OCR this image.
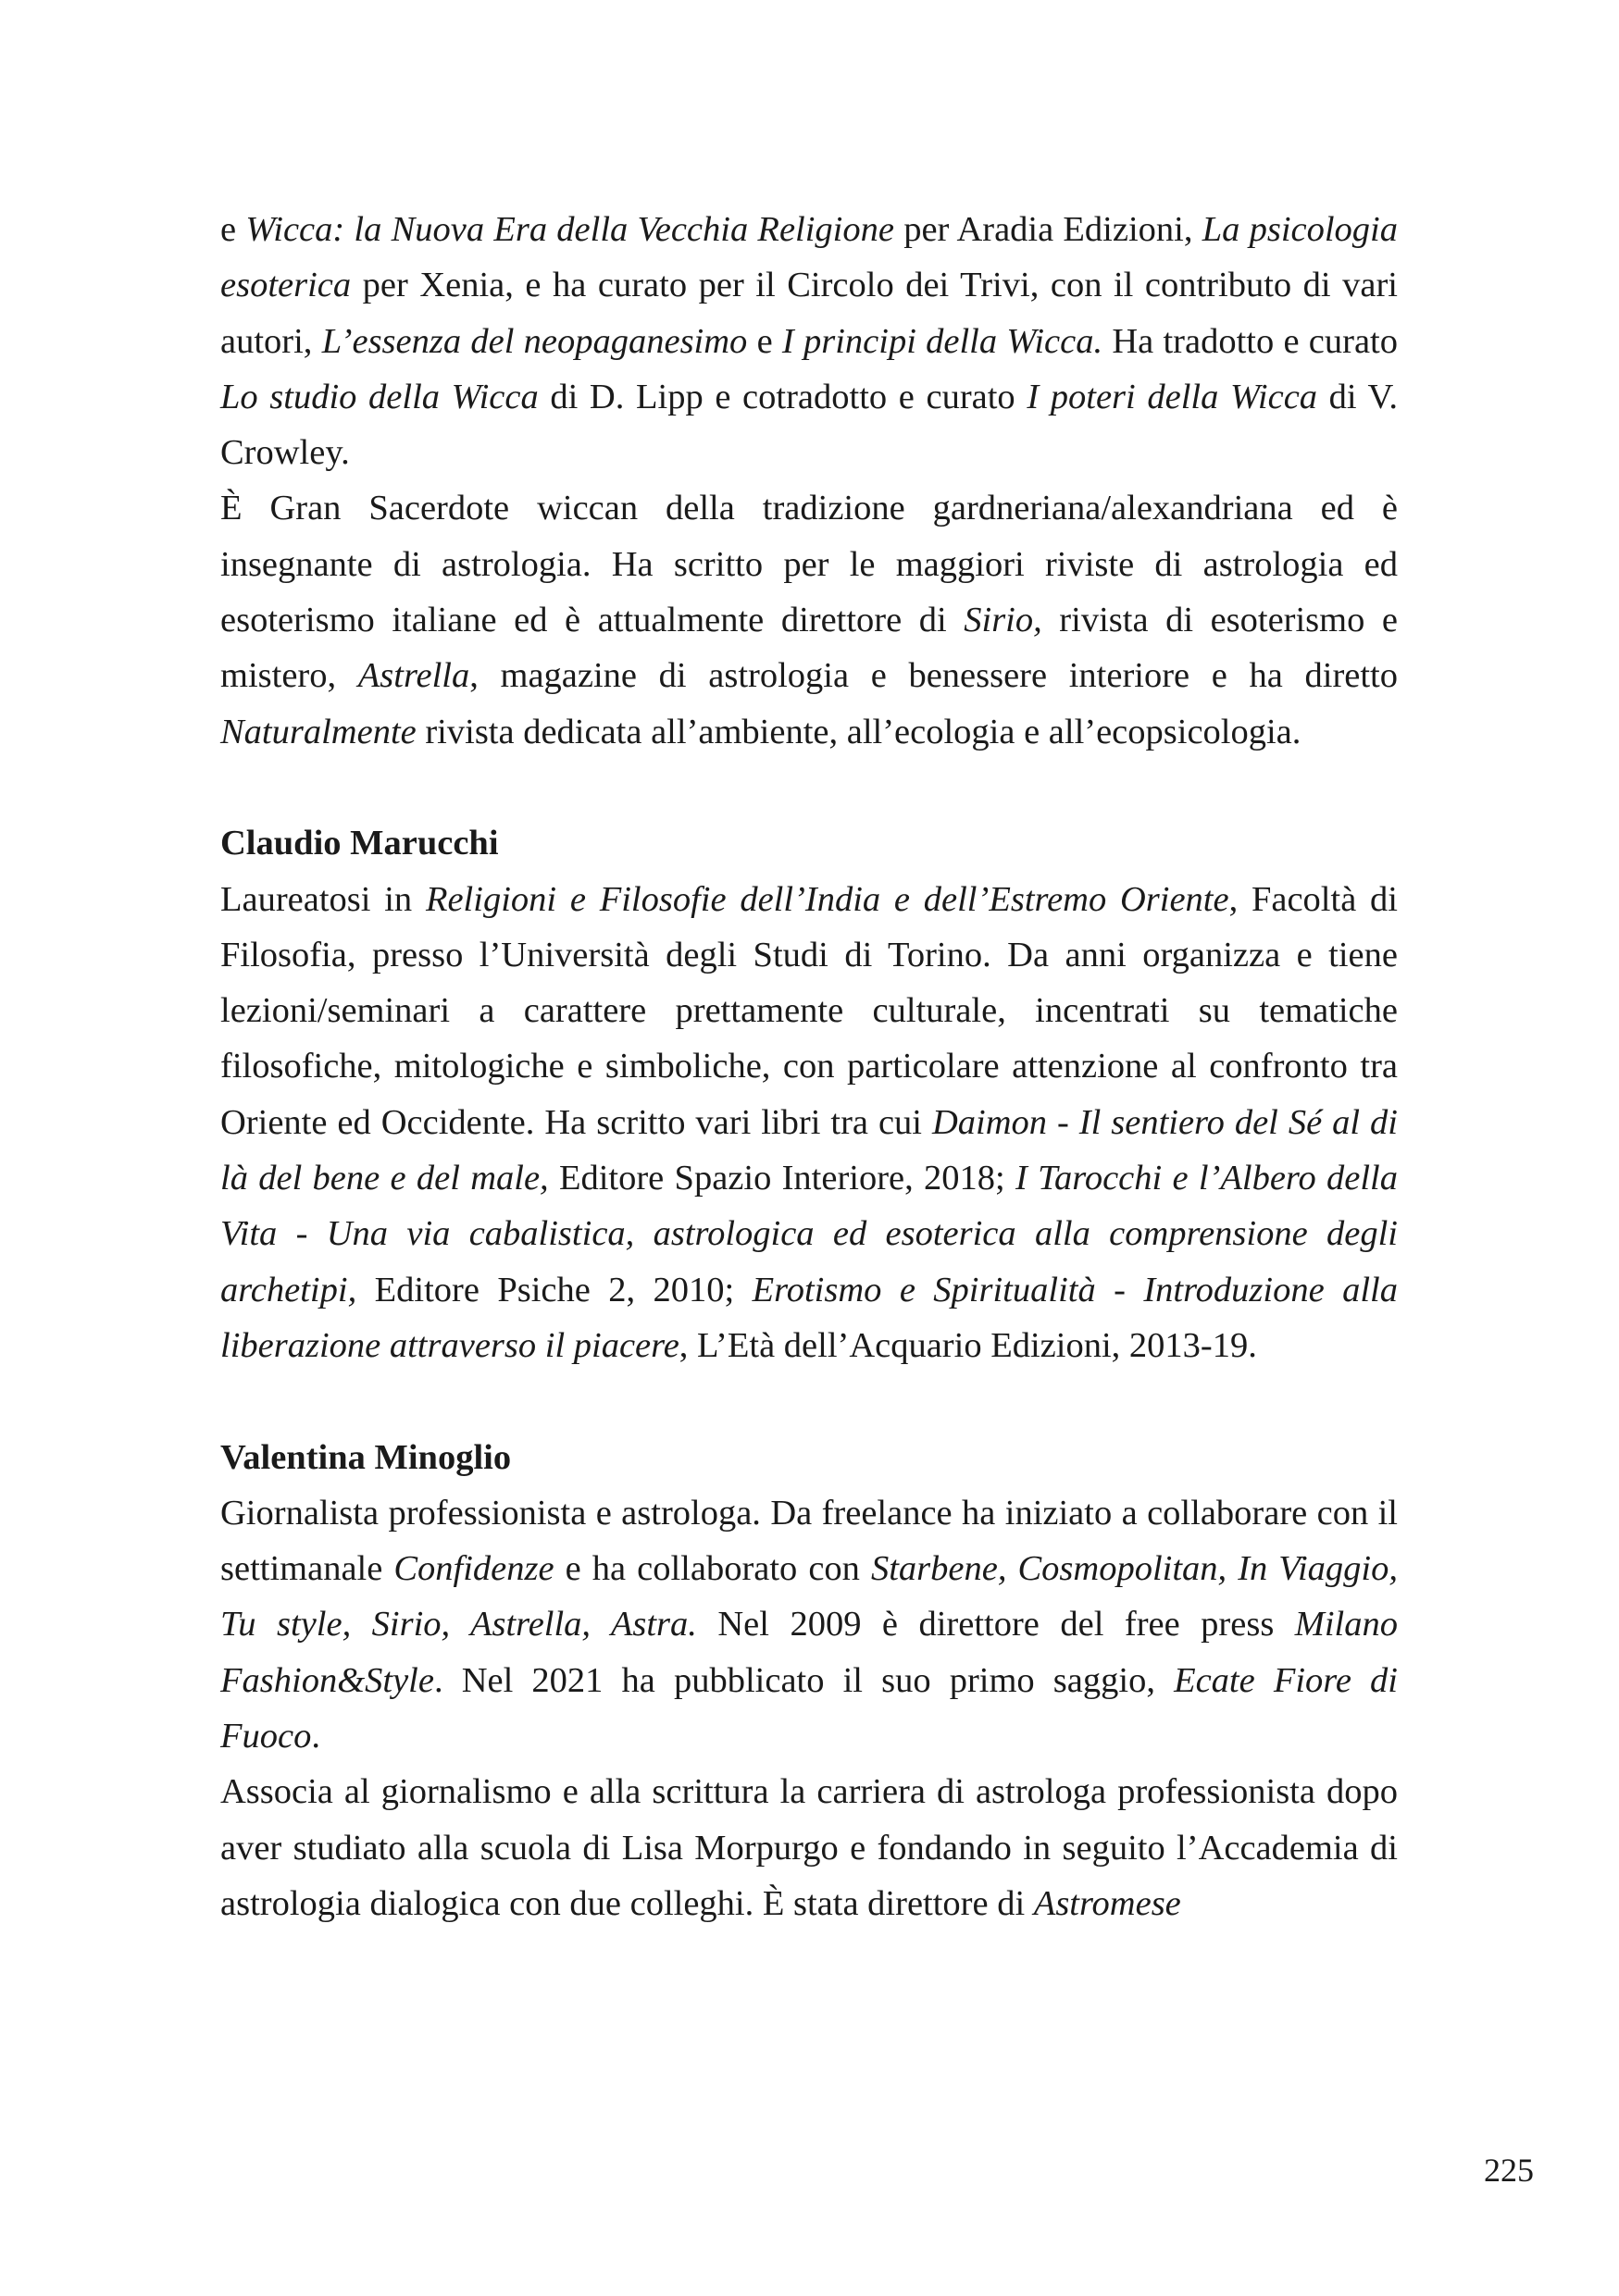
e Wicca: la Nuova Era della Vecchia Religione per Aradia Edizioni, La psicologia esoterica per Xenia, e ha curato per il Circolo dei Trivi, con il contributo di vari autori, L’essenza del neopaganesimo e I principi della Wicca. Ha tradotto e curato Lo studio della Wicca di D. Lipp e cotradotto e curato I poteri della Wicca di V. Crowley.

È Gran Sacerdote wiccan della tradizione gardneriana/alexandriana ed è insegnante di astrologia. Ha scritto per le maggiori riviste di astrologia ed esoterismo italiane ed è attualmente direttore di Sirio, rivista di esoterismo e mistero, Astrella, magazine di astrologia e benessere interiore e ha diretto Naturalmente rivista dedicata all’ambiente, all’ecologia e all’ecopsicologia.

Claudio Marucchi

Laureatosi in Religioni e Filosofie dell’India e dell’Estremo Oriente, Facoltà di Filosofia, presso l’Università degli Studi di Torino. Da anni organizza e tiene lezioni/seminari a carattere prettamente culturale, incentrati su tematiche filosofiche, mitologiche e simboliche, con particolare attenzione al confronto tra Oriente ed Occidente. Ha scritto vari libri tra cui Daimon - Il sentiero del Sé al di là del bene e del male, Editore Spazio Interiore, 2018; I Tarocchi e l’Albero della Vita - Una via cabalistica, astrologica ed esoterica alla comprensione degli archetipi, Editore Psiche 2, 2010; Erotismo e Spiritualità - Introduzione alla liberazione attraverso il piacere, L’Età dell’Acquario Edizioni, 2013-19.

Valentina Minoglio

Giornalista professionista e astrologa. Da freelance ha iniziato a collaborare con il settimanale Confidenze e ha collaborato con Starbene, Cosmopolitan, In Viaggio, Tu style, Sirio, Astrella, Astra. Nel 2009 è direttore del free press Milano Fashion&Style. Nel 2021 ha pubblicato il suo primo saggio, Ecate Fiore di Fuoco.

Associa al giornalismo e alla scrittura la carriera di astrologa professionista dopo aver studiato alla scuola di Lisa Morpurgo e fondando in seguito l’Accademia di astrologia dialogica con due colleghi. È stata direttore di Astromese

225
